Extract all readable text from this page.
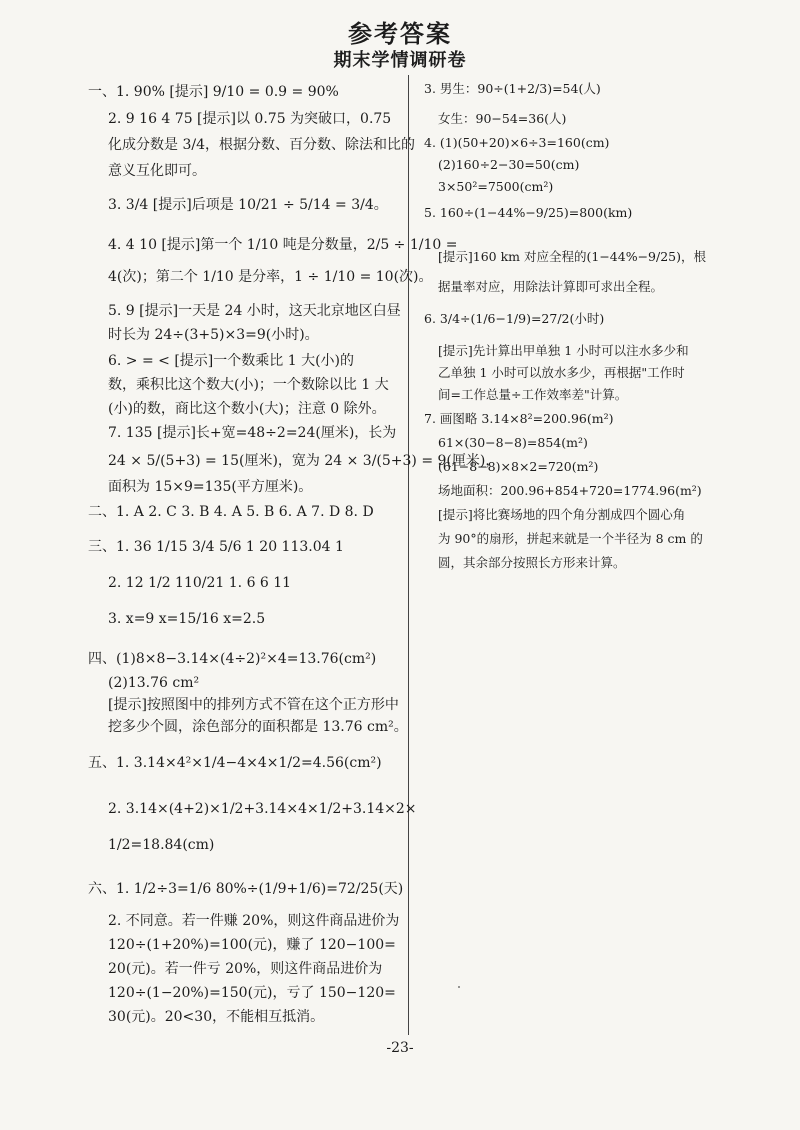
参考答案
期末学情调研卷
一、1. 90% [提示] 9/10 = 0.9 = 90%
2. 9 16 4 75 [提示]以 0.75 为突破口，0.75
化成分数是 3/4，根据分数、百分数、除法和比的
意义互化即可。
3. 3/4 [提示]后项是 10/21 ÷ 5/14 = 3/4。
4. 4 10 [提示]第一个 1/10 吨是分数量，2/5 ÷ 1/10 =
4(次)；第二个 1/10 是分率，1 ÷ 1/10 = 10(次)。
5. 9 [提示]一天是 24 小时，这天北京地区白昼
时长为 24÷(3+5)×3=9(小时)。
6. > = < [提示]一个数乘比 1 大(小)的
数，乘积比这个数大(小)；一个数除以比 1 大
(小)的数，商比这个数小(大)；注意 0 除外。
7. 135 [提示]长+宽=48÷2=24(厘米)，长为
24 × 5/(5+3) = 15(厘米)，宽为 24 × 3/(5+3) = 9(厘米)，
面积为 15×9=135(平方厘米)。
二、1. A 2. C 3. B 4. A 5. B 6. A 7. D 8. D
三、1. 36 1/15 3/4 5/6 1 20 113.04 1
2. 12 1/2 110/21 1. 6 6 11
3. x=9 x=15/16 x=2.5
四、(1)8×8−3.14×(4÷2)²×4=13.76(cm²)
(2)13.76 cm²
[提示]按照图中的排列方式不管在这个正方形中
挖多少个圆，涂色部分的面积都是 13.76 cm²。
五、1. 3.14×4²×1/4−4×4×1/2=4.56(cm²)
2. 3.14×(4+2)×1/2+3.14×4×1/2+3.14×2×
1/2=18.84(cm)
六、1. 1/2÷3=1/6 80%÷(1/9+1/6)=72/25(天)
2. 不同意。若一件赚 20%，则这件商品进价为
120÷(1+20%)=100(元)，赚了 120−100=
20(元)。若一件亏 20%，则这件商品进价为
120÷(1−20%)=150(元)，亏了 150−120=
30(元)。20<30，不能相互抵消。
3. 男生：90÷(1+2/3)=54(人)
女生：90−54=36(人)
4. (1)(50+20)×6÷3=160(cm)
(2)160÷2−30=50(cm)
3×50²=7500(cm²)
5. 160÷(1−44%−9/25)=800(km)
[提示]160 km 对应全程的(1−44%−9/25)，根
据量率对应，用除法计算即可求出全程。
6. 3/4÷(1/6−1/9)=27/2(小时)
[提示]先计算出甲单独 1 小时可以注水多少和
乙单独 1 小时可以放水多少，再根据"工作时
间=工作总量÷工作效率差"计算。
7. 画图略 3.14×8²=200.96(m²)
61×(30−8−8)=854(m²)
(61−8−8)×8×2=720(m²)
场地面积：200.96+854+720=1774.96(m²)
[提示]将比赛场地的四个角分割成四个圆心角
为 90°的扇形，拼起来就是一个半径为 8 cm 的
圆，其余部分按照长方形来计算。
-23-
